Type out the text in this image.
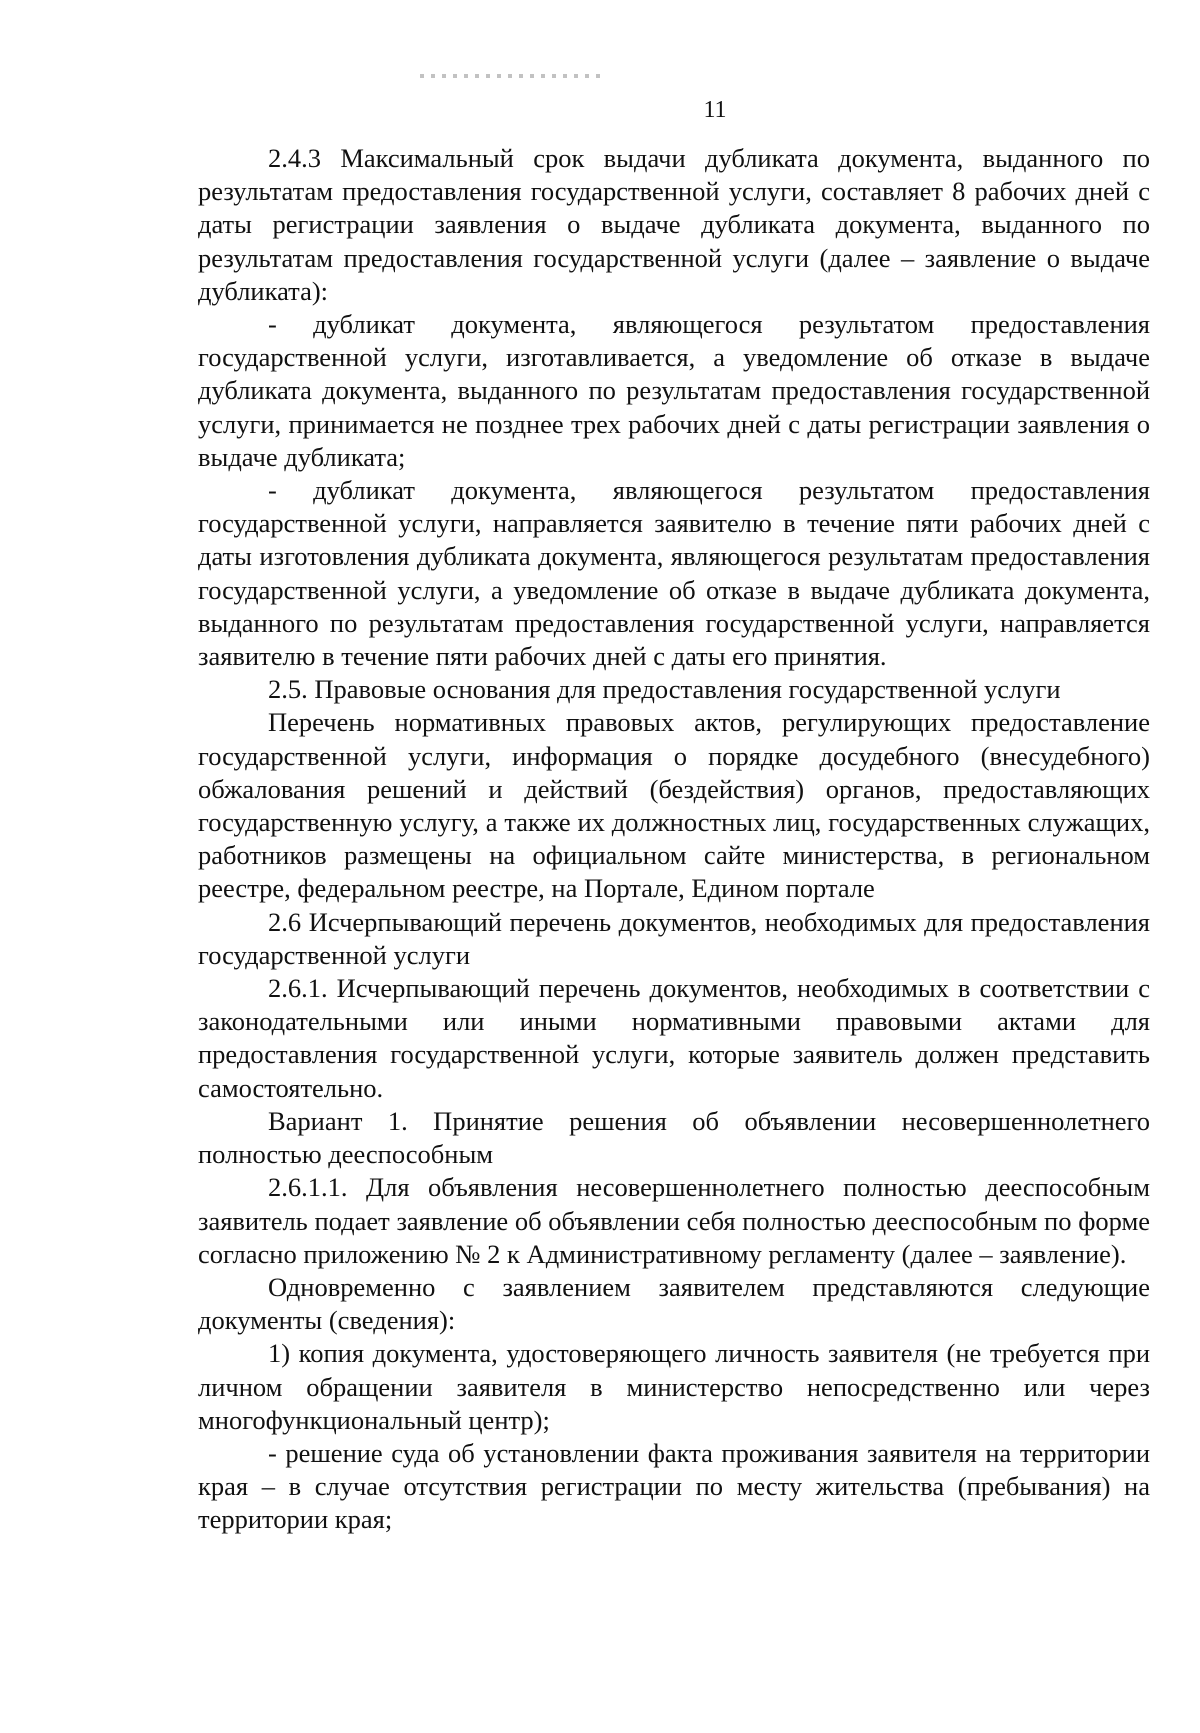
11

2.4.3 Максимальный срок выдачи дубликата документа, выданного по результатам предоставления государственной услуги, составляет 8 рабочих дней с даты регистрации заявления о выдаче дубликата документа, выданного по результатам предоставления государственной услуги (далее – заявление о выдаче дубликата):

- дубликат документа, являющегося результатом предоставления государственной услуги, изготавливается, а уведомление об отказе в выдаче дубликата документа, выданного по результатам предоставления государственной услуги, принимается не позднее трех рабочих дней с даты регистрации заявления о выдаче дубликата;

- дубликат документа, являющегося результатом предоставления государственной услуги, направляется заявителю в течение пяти рабочих дней с даты изготовления дубликата документа, являющегося результатам предоставления государственной услуги, а уведомление об отказе в выдаче дубликата документа, выданного по результатам предоставления государственной услуги, направляется заявителю в течение пяти рабочих дней с даты его принятия.

2.5. Правовые основания для предоставления государственной услуги

Перечень нормативных правовых актов, регулирующих предоставление государственной услуги, информация о порядке досудебного (внесудебного) обжалования решений и действий (бездействия) органов, предоставляющих государственную услугу, а также их должностных лиц, государственных служащих, работников размещены на официальном сайте министерства, в региональном реестре, федеральном реестре, на Портале, Едином портале

2.6 Исчерпывающий перечень документов, необходимых для предоставления государственной услуги

2.6.1. Исчерпывающий перечень документов, необходимых в соответствии с законодательными или иными нормативными правовыми актами для предоставления государственной услуги, которые заявитель должен представить самостоятельно.

Вариант 1. Принятие решения об объявлении несовершеннолетнего полностью дееспособным

2.6.1.1. Для объявления несовершеннолетнего полностью дееспособным заявитель подает заявление об объявлении себя полностью дееспособным по форме согласно приложению № 2 к Административному регламенту (далее – заявление).

Одновременно с заявлением заявителем представляются следующие документы (сведения):

1) копия документа, удостоверяющего личность заявителя (не требуется при личном обращении заявителя в министерство непосредственно или через многофункциональный центр);

- решение суда об установлении факта проживания заявителя на территории края – в случае отсутствия регистрации по месту жительства (пребывания) на территории края;
